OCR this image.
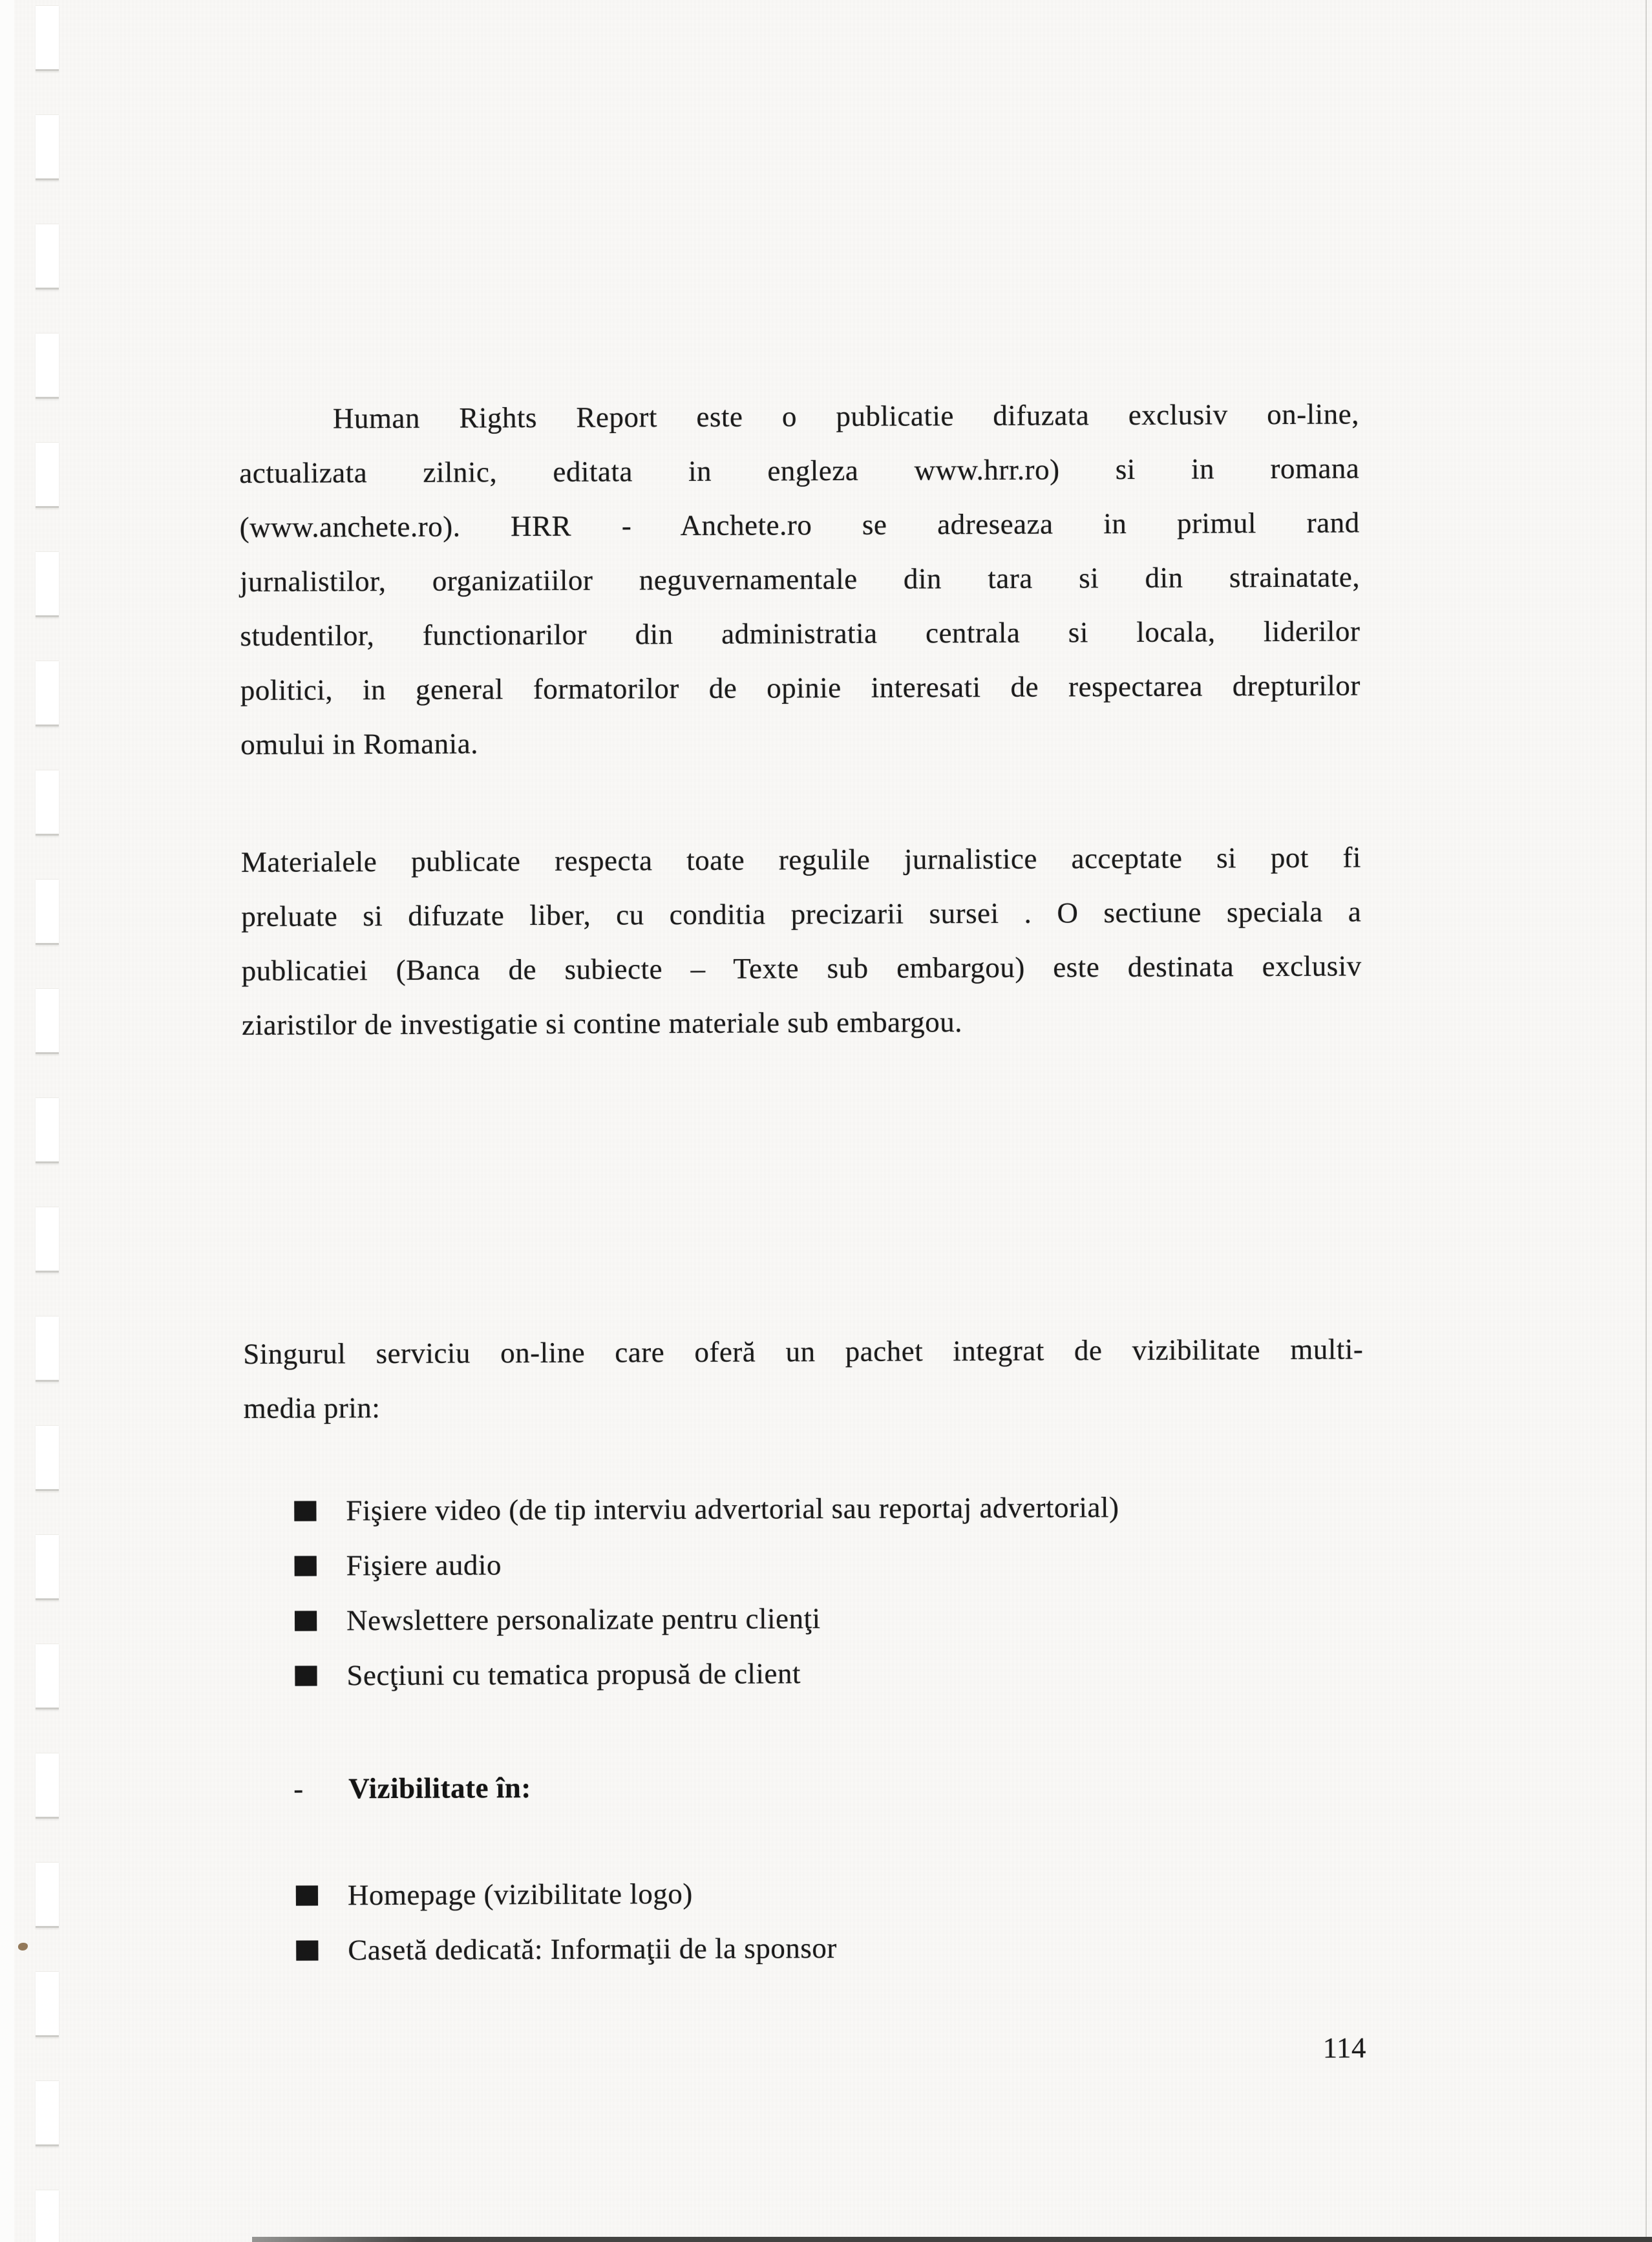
Human Rights Report este o publicatie difuzata exclusiv on-line,
actualizata zilnic, editata in engleza www.hrr.ro) si in romana
(www.anchete.ro). HRR - Anchete.ro se adreseaza in primul rand
jurnalistilor, organizatiilor neguvernamentale din tara si din strainatate,
studentilor, functionarilor din administratia centrala si locala, liderilor
politici, in general formatorilor de opinie interesati de respectarea drepturilor
omului in Romania.
Materialele publicate respecta toate regulile jurnalistice acceptate si pot fi
preluate si difuzate liber, cu conditia precizarii sursei . O sectiune speciala a
publicatiei (Banca de subiecte – Texte sub embargou) este destinata exclusiv
ziaristilor de investigatie si contine materiale sub embargou.
Singurul serviciu on-line care oferă un pachet integrat de vizibilitate multi-
media prin:
Fişiere video (de tip interviu advertorial sau reportaj advertorial)
Fişiere audio
Newslettere personalizate pentru clienţi
Secţiuni cu tematica propusă de client
- Vizibilitate în:
Homepage (vizibilitate logo)
Casetă dedicată: Informaţii de la sponsor
114
